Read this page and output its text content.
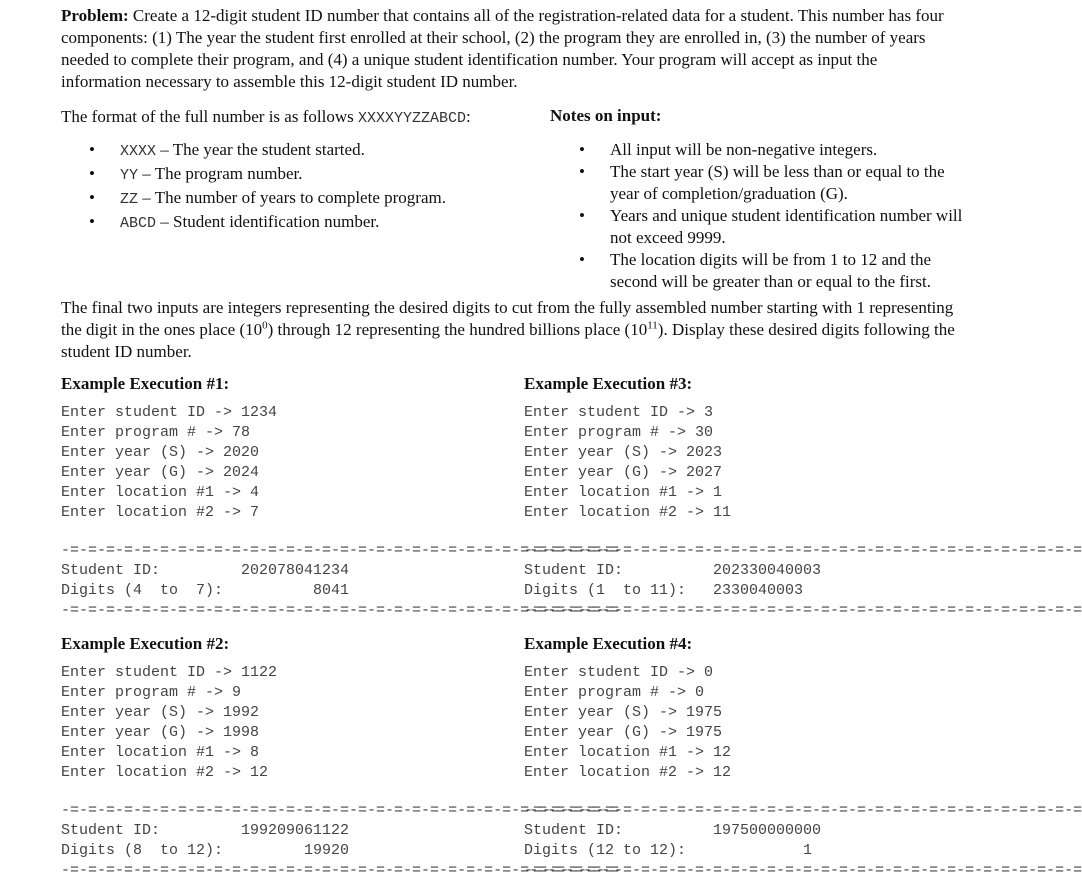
Problem: Create a 12-digit student ID number that contains all of the registration-related data for a student. This number has four components: (1) The year the student first enrolled at their school, (2) the program they are enrolled in, (3) the number of years needed to complete their program, and (4) a unique student identification number. Your program will accept as input the information necessary to assemble this 12-digit student ID number.

The format of the full number is as follows XXXXYYZZABCD:	Notes on input:
• XXXX – The year the student started.
• YY – The program number.
• ZZ – The number of years to complete program.
• ABCD – Student identification number.
• All input will be non-negative integers.
• The start year (S) will be less than or equal to the year of completion/graduation (G).
• Years and unique student identification number will not exceed 9999.
• The location digits will be from 1 to 12 and the second will be greater than or equal to the first.

The final two inputs are integers representing the desired digits to cut from the fully assembled number starting with 1 representing the digit in the ones place $(10^0)$ through 12 representing the hundred billions place $(10^{11})$. Display these desired digits following the student ID number.

Example Execution #1:
Enter student ID -> 1234
Enter program # -> 78
Enter year (S) -> 2020
Enter year (G) -> 2024
Enter location #1 -> 4
Enter location #2 -> 7
-=-=-=-=-=-=-=-=-=-=-=-=-=-=-=-=-=-=-=-=-=-=-=-=-=-=-=-=-=-=-=
Student ID:         202078041234
Digits (4  to  7):          8041
-=-=-=-=-=-=-=-=-=-=-=-=-=-=-=-=-=-=-=-=-=-=-=-=-=-=-=-=-=-=-=
Example Execution #3:
Enter student ID -> 3
Enter program # -> 30
Enter year (S) -> 2023
Enter year (G) -> 2027
Enter location #1 -> 1
Enter location #2 -> 11
-=-=-=-=-=-=-=-=-=-=-=-=-=-=-=-=-=-=-=-=-=-=-=-=-=-=-=-=-=-=-=
Student ID:          202330040003
Digits (1  to 11):   2330040003
-=-=-=-=-=-=-=-=-=-=-=-=-=-=-=-=-=-=-=-=-=-=-=-=-=-=-=-=-=-=-=
Example Execution #2:
Enter student ID -> 1122
Enter program # -> 9
Enter year (S) -> 1992
Enter year (G) -> 1998
Enter location #1 -> 8
Enter location #2 -> 12
-=-=-=-=-=-=-=-=-=-=-=-=-=-=-=-=-=-=-=-=-=-=-=-=-=-=-=-=-=-=-=
Student ID:         199209061122
Digits (8  to 12):         19920
-=-=-=-=-=-=-=-=-=-=-=-=-=-=-=-=-=-=-=-=-=-=-=-=-=-=-=-=-=-=-=
Example Execution #4:
Enter student ID -> 0
Enter program # -> 0
Enter year (S) -> 1975
Enter year (G) -> 1975
Enter location #1 -> 12
Enter location #2 -> 12
-=-=-=-=-=-=-=-=-=-=-=-=-=-=-=-=-=-=-=-=-=-=-=-=-=-=-=-=-=-=-=
Student ID:          197500000000
Digits (12 to 12):             1
-=-=-=-=-=-=-=-=-=-=-=-=-=-=-=-=-=-=-=-=-=-=-=-=-=-=-=-=-=-=-=
